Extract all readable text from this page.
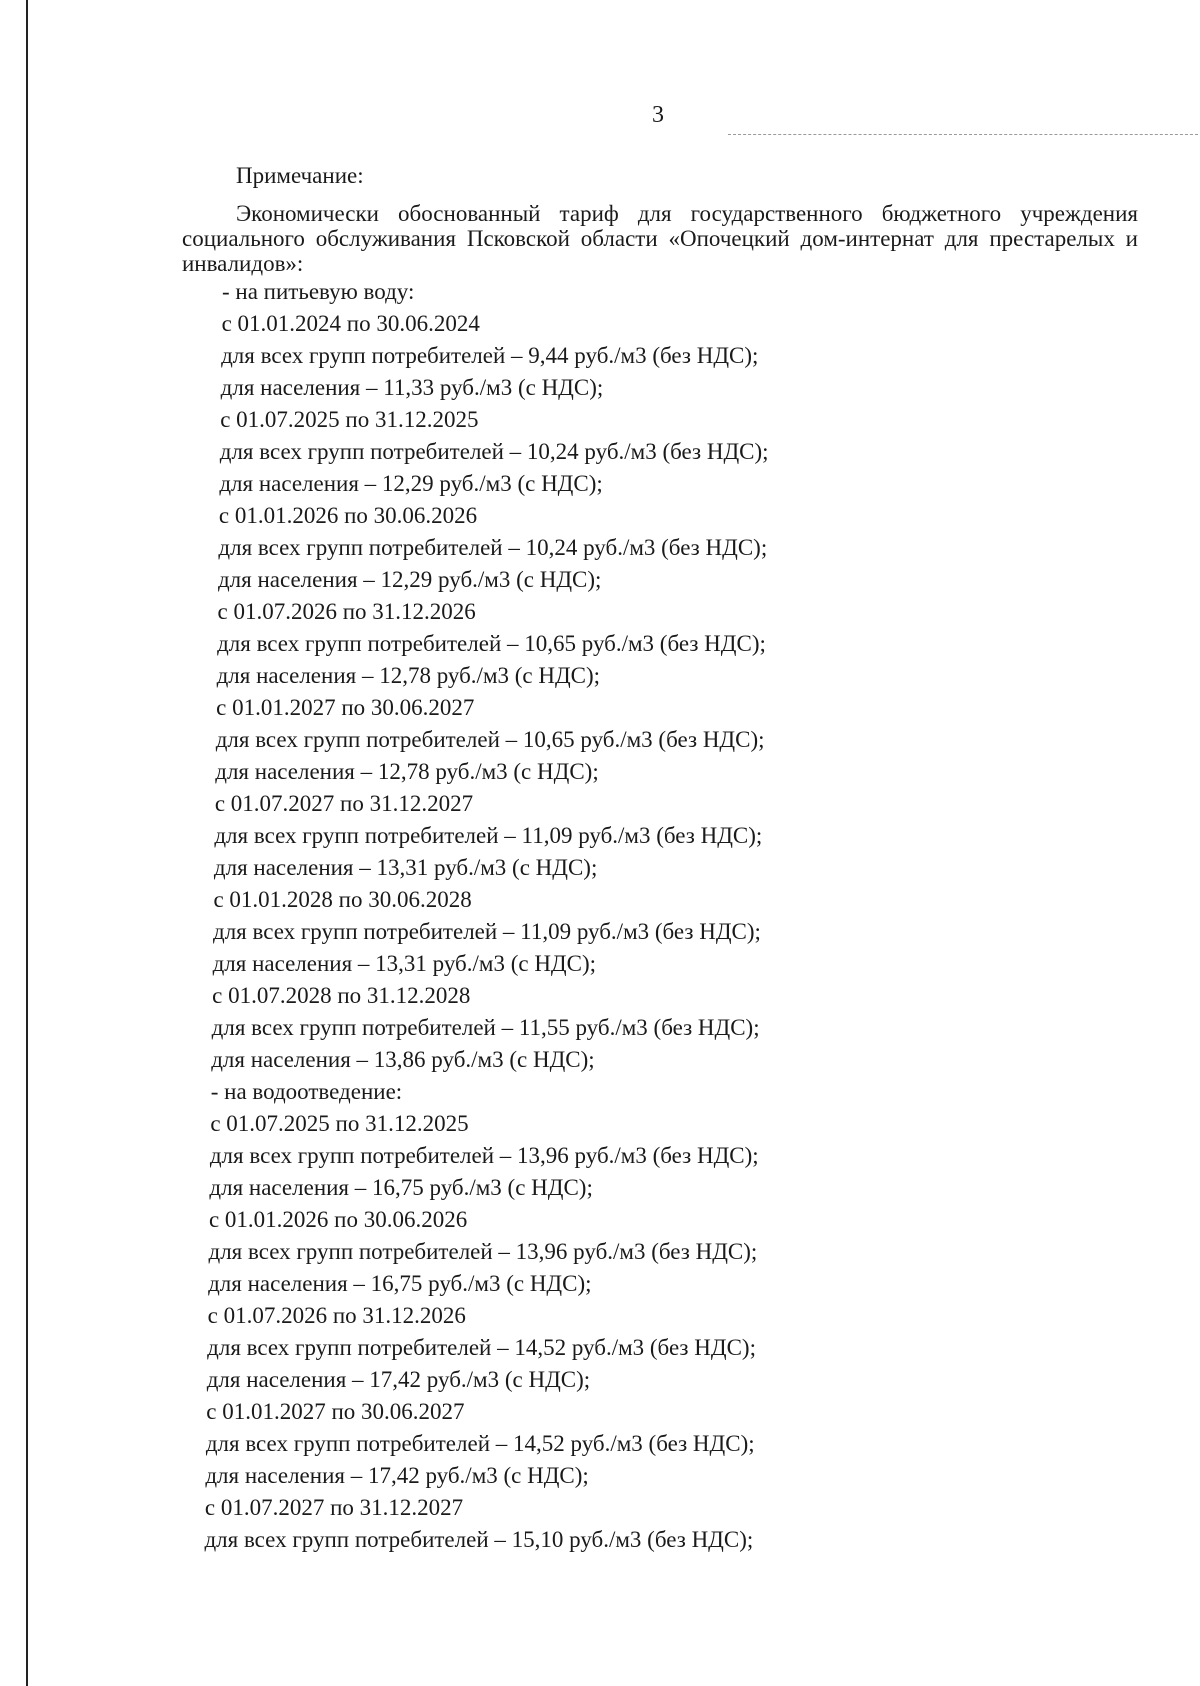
3
Примечание:

Экономически обоснованный тариф для государственного бюджетного учреждения социального обслуживания Псковской области «Опочецкий дом-интернат для престарелых и инвалидов»:

- на питьевую воду:
с 01.01.2024 по 30.06.2024
для всех групп потребителей – 9,44 руб./м3 (без НДС);
для населения – 11,33 руб./м3 (с НДС);
с 01.07.2025 по 31.12.2025
для всех групп потребителей – 10,24 руб./м3 (без НДС);
для населения – 12,29 руб./м3 (с НДС);
с 01.01.2026 по 30.06.2026
для всех групп потребителей – 10,24 руб./м3 (без НДС);
для населения – 12,29 руб./м3 (с НДС);
с 01.07.2026 по 31.12.2026
для всех групп потребителей – 10,65 руб./м3 (без НДС);
для населения – 12,78 руб./м3 (с НДС);
с 01.01.2027 по 30.06.2027
для всех групп потребителей – 10,65 руб./м3 (без НДС);
для населения – 12,78 руб./м3 (с НДС);
с 01.07.2027 по 31.12.2027
для всех групп потребителей – 11,09 руб./м3 (без НДС);
для населения – 13,31 руб./м3 (с НДС);
с 01.01.2028 по 30.06.2028
для всех групп потребителей – 11,09 руб./м3 (без НДС);
для населения – 13,31 руб./м3 (с НДС);
с 01.07.2028 по 31.12.2028
для всех групп потребителей – 11,55 руб./м3 (без НДС);
для населения – 13,86 руб./м3 (с НДС);
- на водоотведение:
с 01.07.2025 по 31.12.2025
для всех групп потребителей – 13,96 руб./м3 (без НДС);
для населения – 16,75 руб./м3 (с НДС);
с 01.01.2026 по 30.06.2026
для всех групп потребителей – 13,96 руб./м3 (без НДС);
для населения – 16,75 руб./м3 (с НДС);
с 01.07.2026 по 31.12.2026
для всех групп потребителей – 14,52 руб./м3 (без НДС);
для населения – 17,42 руб./м3 (с НДС);
с 01.01.2027 по 30.06.2027
для всех групп потребителей – 14,52 руб./м3 (без НДС);
для населения – 17,42 руб./м3 (с НДС);
с 01.07.2027 по 31.12.2027
для всех групп потребителей – 15,10 руб./м3 (без НДС);
